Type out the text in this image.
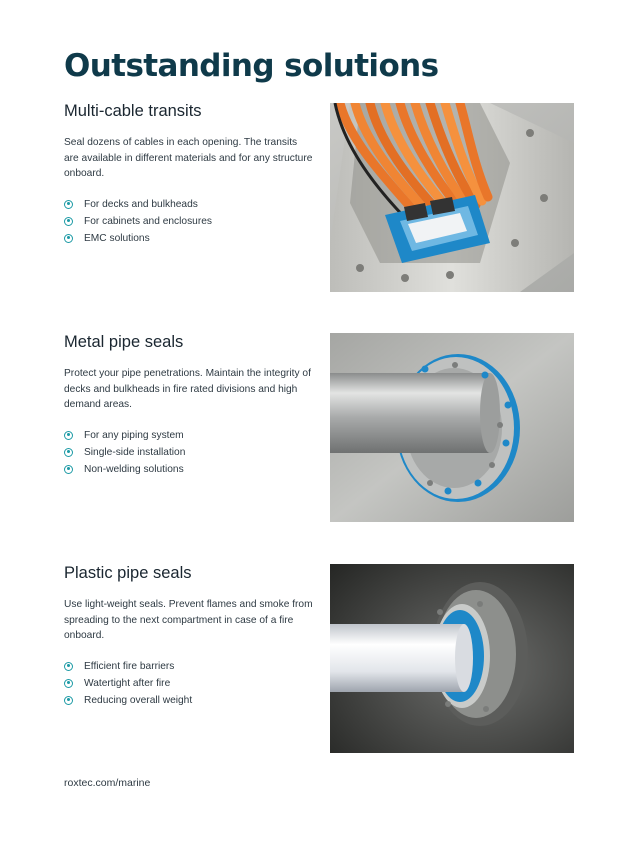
Outstanding solutions
Multi-cable transits

Seal dozens of cables in each opening. The transits are available in different materials and for any structure onboard.

For decks and bulkheads
For cabinets and enclosures
EMC solutions
Metal pipe seals

Protect your pipe penetrations. Maintain the integrity of decks and bulkheads in fire rated divisions and high demand areas.

For any piping system
Single-side installation
Non-welding solutions
Plastic pipe seals

Use light-weight seals. Prevent flames and smoke from spreading to the next compartment in case of a fire onboard.

Efficient fire barriers
Watertight after fire
Reducing overall weight
roxtec.com/marine
